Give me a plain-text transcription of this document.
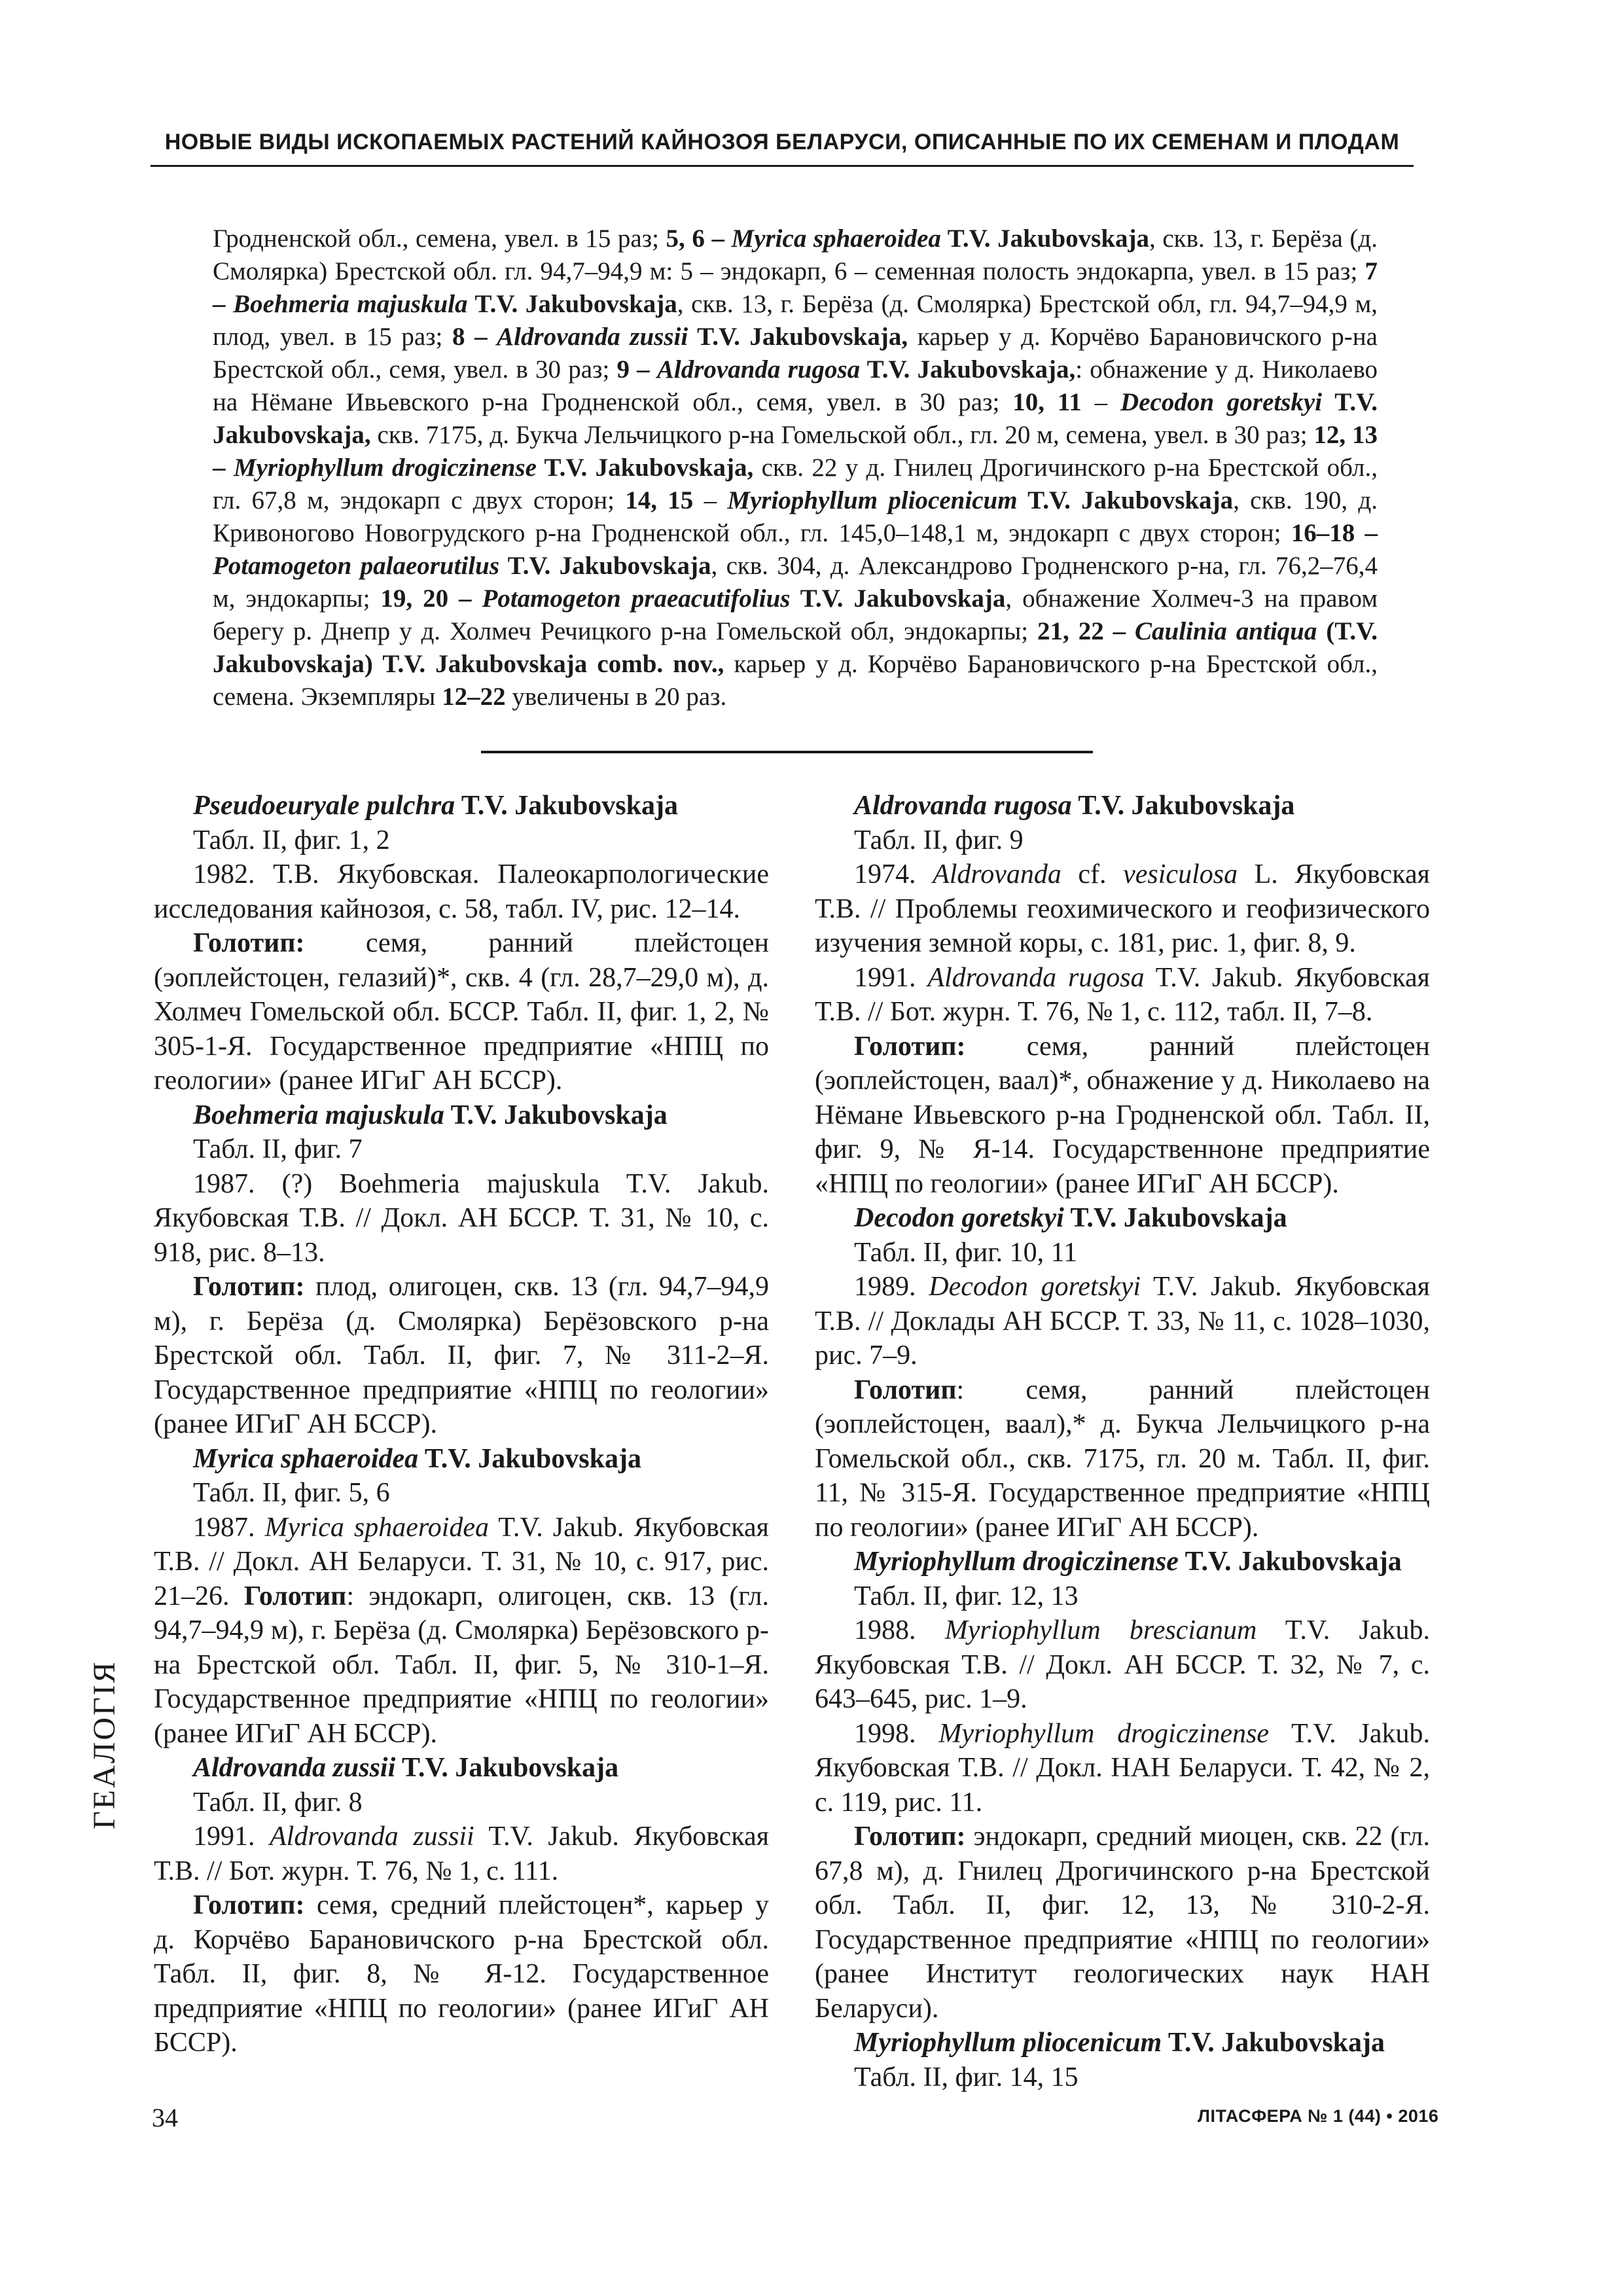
НОВЫЕ ВИДЫ ИСКОПАЕМЫХ РАСТЕНИЙ КАЙНОЗОЯ БЕЛАРУСИ, ОПИСАННЫЕ ПО ИХ СЕМЕНАМ И ПЛОДАМ
Гродненской обл., семена, увел. в 15 раз; 5, 6 – Myrica sphaeroidea T.V. Jakubovskaja, скв. 13, г. Берёза (д. Смолярка) Брестской обл. гл. 94,7–94,9 м: 5 – эндокарп, 6 – семенная полость эндокарпа, увел. в 15 раз; 7 – Boehmeria majuskula T.V. Jakubovskaja, скв. 13, г. Берёза (д. Смолярка) Брестской обл, гл. 94,7–94,9 м, плод, увел. в 15 раз; 8 – Aldrovanda zussii T.V. Jakubovskaja, карьер у д. Корчёво Барановичского р-на Брестской обл., семя, увел. в 30 раз; 9 – Aldrovanda rugosa T.V. Jakubovskaja,: обнажение у д. Николаево на Нёмане Ивьевского р-на Гродненской обл., семя, увел. в 30 раз; 10, 11 – Decodon goretskyi T.V. Jakubovskaja, скв. 7175, д. Букча Лельчицкого р-на Гомельской обл., гл. 20 м, семена, увел. в 30 раз; 12, 13 – Myriophyllum drogiczinense T.V. Jakubovskaja, скв. 22 у д. Гнилец Дрогичинского р-на Брестской обл., гл. 67,8 м, эндокарп с двух сторон; 14, 15 – Myriophyllum pliocenicum T.V. Jakubovskaja, скв. 190, д. Кривоногово Новогрудского р-на Гродненской обл., гл. 145,0–148,1 м, эндокарп с двух сторон; 16–18 – Potamogeton palaeorutilus T.V. Jakubovskaja, скв. 304, д. Александрово Гродненского р-на, гл. 76,2–76,4 м, эндокарпы; 19, 20 – Potamogeton praeacutifolius T.V. Jakubovskaja, обнажение Холмеч-3 на правом берегу р. Днепр у д. Холмеч Речицкого р-на Гомельской обл, эндокарпы; 21, 22 – Caulinia antiqua (T.V. Jakubovskaja) T.V. Jakubovskaja comb. nov., карьер у д. Корчёво Барановичского р-на Брестской обл., семена. Экземпляры 12–22 увеличены в 20 раз.
Pseudoeuryale pulchra T.V. Jakubovskaja
Табл. II, фиг. 1, 2
1982. Т.В. Якубовская. Палеокарпологические исследования кайнозоя, с. 58, табл. IV, рис. 12–14.
Голотип: семя, ранний плейстоцен (эоплейстоцен, гелазий)*, скв. 4 (гл. 28,7–29,0 м), д. Холмеч Гомельской обл. БССР. Табл. II, фиг. 1, 2, № 305-1-Я. Государственное предприятие «НПЦ по геологии» (ранее ИГиГ АН БССР).
Boehmeria majuskula T.V. Jakubovskaja
Табл. II, фиг. 7
1987. (?) Boehmeria majuskula T.V. Jakub. Якубовская Т.В. // Докл. АН БССР. Т. 31, № 10, с. 918, рис. 8–13.
Голотип: плод, олигоцен, скв. 13 (гл. 94,7–94,9 м), г. Берёза (д. Смолярка) Берёзовского р-на Брестской обл. Табл. II, фиг. 7, № 311-2–Я. Государственное предприятие «НПЦ по геологии» (ранее ИГиГ АН БССР).
Myrica sphaeroidea T.V. Jakubovskaja
Табл. II, фиг. 5, 6
1987. Myrica sphaeroidea T.V. Jakub. Якубовская Т.В. // Докл. АН Беларуси. Т. 31, № 10, с. 917, рис. 21–26. Голотип: эндокарп, олигоцен, скв. 13 (гл. 94,7–94,9 м), г. Берёза (д. Смолярка) Берёзовского р-на Брестской обл. Табл. II, фиг. 5, № 310-1–Я. Государственное предприятие «НПЦ по геологии» (ранее ИГиГ АН БССР).
Aldrovanda zussii T.V. Jakubovskaja
Табл. II, фиг. 8
1991. Aldrovanda zussii T.V. Jakub. Якубовская Т.В. // Бот. журн. Т. 76, № 1, с. 111.
Голотип: семя, средний плейстоцен*, карьер у д. Корчёво Барановичского р-на Брестской обл. Табл. II, фиг. 8, № Я-12. Государственное предприятие «НПЦ по геологии» (ранее ИГиГ АН БССР).
Aldrovanda rugosa T.V. Jakubovskaja
Табл. II, фиг. 9
1974. Aldrovanda cf. vesiculosa L. Якубовская Т.В. // Проблемы геохимического и геофизического изучения земной коры, с. 181, рис. 1, фиг. 8, 9.
1991. Aldrovanda rugosa T.V. Jakub. Якубовская Т.В. // Бот. журн. Т. 76, № 1, с. 112, табл. II, 7–8.
Голотип: семя, ранний плейстоцен (эоплейстоцен, ваал)*, обнажение у д. Николаево на Нёмане Ивьевского р-на Гродненской обл. Табл. II, фиг. 9, № Я-14. Государственноне предприятие «НПЦ по геологии» (ранее ИГиГ АН БССР).
Decodon goretskyi T.V. Jakubovskaja
Табл. II, фиг. 10, 11
1989. Decodon goretskyi T.V. Jakub. Якубовская Т.В. // Доклады АН БССР. Т. 33, № 11, с. 1028–1030, рис. 7–9.
Голотип: семя, ранний плейстоцен (эоплейстоцен, ваал),* д. Букча Лельчицкого р-на Гомельской обл., скв. 7175, гл. 20 м. Табл. II, фиг. 11, № 315-Я. Государственное предприятие «НПЦ по геологии» (ранее ИГиГ АН БССР).
Myriophyllum drogiczinense T.V. Jakubovskaja
Табл. II, фиг. 12, 13
1988. Myriophyllum brescianum T.V. Jakub. Якубовская Т.В. // Докл. АН БССР. Т. 32, № 7, с. 643–645, рис. 1–9.
1998. Myriophyllum drogiczinense T.V. Jakub. Якубовская Т.В. // Докл. НАН Беларуси. Т. 42, № 2, с. 119, рис. 11.
Голотип: эндокарп, средний миоцен, скв. 22 (гл. 67,8 м), д. Гнилец Дрогичинского р-на Брестской обл. Табл. II, фиг. 12, 13, № 310-2-Я. Государственное предприятие «НПЦ по геологии» (ранее Институт геологических наук НАН Беларуси).
Myriophyllum pliocenicum T.V. Jakubovskaja
Табл. II, фиг. 14, 15
ГЕАЛОГІЯ
34	ЛІТАСФЕРА № 1 (44) • 2016
